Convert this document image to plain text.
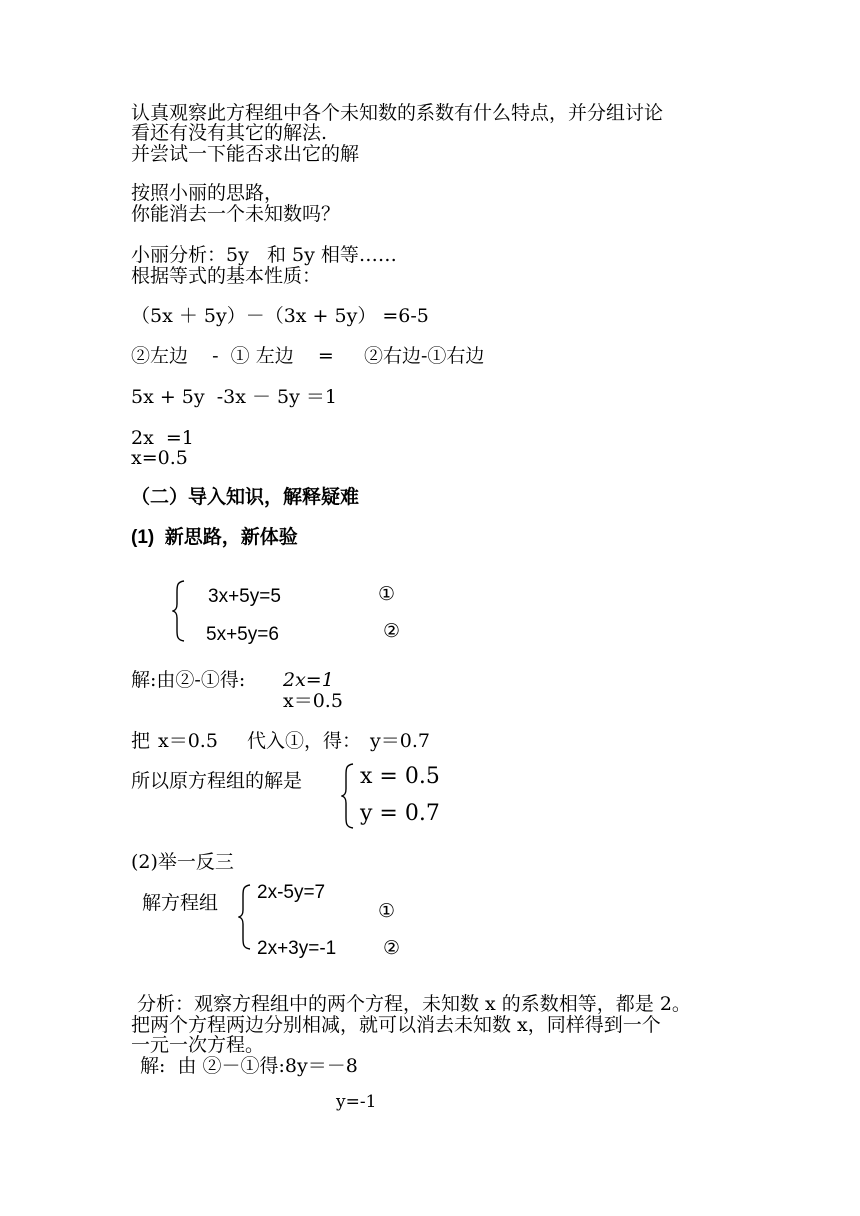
认真观察此方程组中各个未知数的系数有什么特点，并分组讨论
看还有没有其它的解法.
并尝试一下能否求出它的解
按照小丽的思路，
你能消去一个未知数吗？
小丽分析：5y   和 5y 相等……
根据等式的基本性质：
（5x ＋ 5y）－（3x + 5y） =6-5
②左边    -  ① 左边    =     ②右边-①右边
5x + 5y  -3x － 5y ＝1
2x  =1
x=0.5
（二）导入知识，解释疑难
(1)  新思路，新体验
3x+5y=5	①
5x+5y=6	②
解:由②-①得: 2x=1
x＝0.5
把 x＝0.5 代入①，得： y＝0.7
所以原方程组的解是	x = 0.5
y = 0.7
(2)举一反三
解方程组 2x-5y=7
①
2x+3y=-1 ②
分析：观察方程组中的两个方程，未知数 x 的系数相等，都是 2。
把两个方程两边分别相减，就可以消去未知数 x，同样得到一个
一元一次方程。
解:  由 ②－①得:8y＝－8
y=-1
